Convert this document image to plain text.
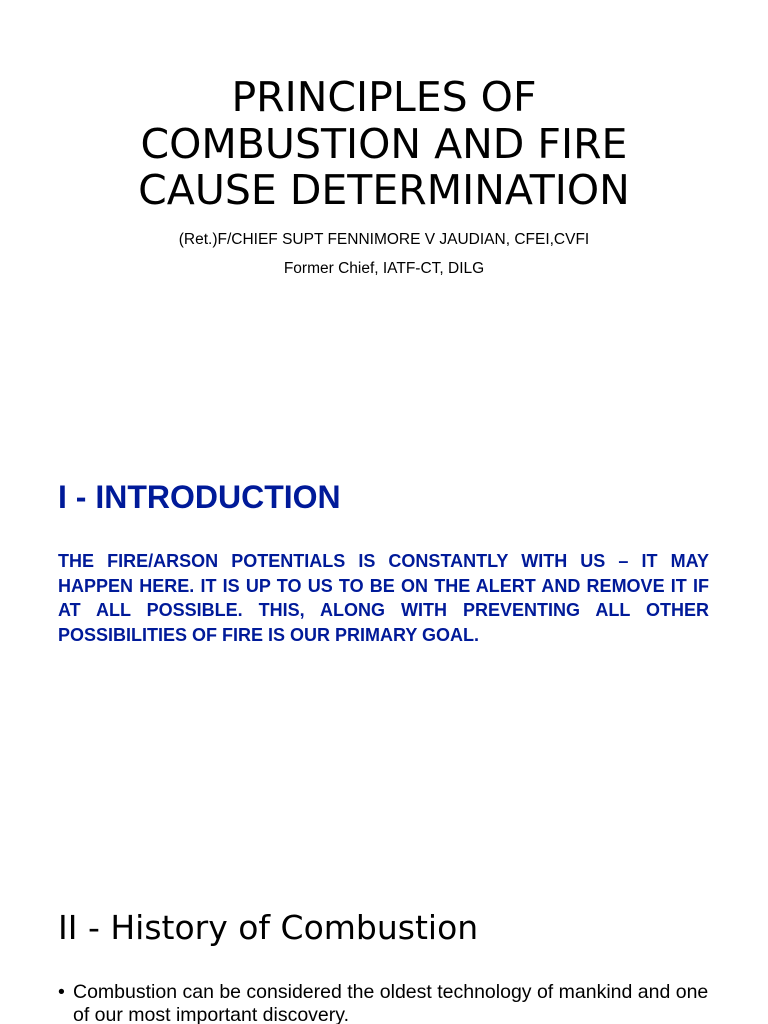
PRINCIPLES OF
COMBUSTION AND FIRE
CAUSE DETERMINATION

(Ret.)F/CHIEF SUPT FENNIMORE V JAUDIAN, CFEI,CVFI

Former Chief, IATF-CT, DILG

I - INTRODUCTION

THE FIRE/ARSON POTENTIALS IS CONSTANTLY WITH US – IT MAY HAPPEN HERE. IT IS UP TO US TO BE ON THE ALERT AND REMOVE IT IF AT ALL POSSIBLE. THIS, ALONG WITH PREVENTING ALL OTHER POSSIBILITIES OF FIRE IS OUR PRIMARY GOAL.

II - History of Combustion
• Combustion can be considered the oldest technology of mankind and one of our most important discovery.
